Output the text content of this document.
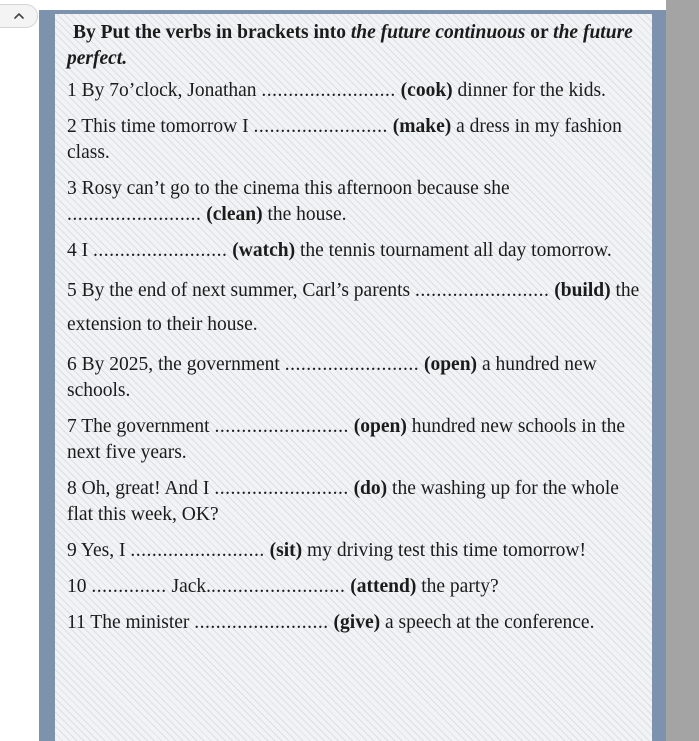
By Put the verbs in brackets into the future continuous or the future perfect.

1 By 7o’clock, Jonathan ......................... (cook) dinner for the kids.

2 This time tomorrow I ......................... (make) a dress in my fashion class.

3 Rosy can’t go to the cinema this afternoon because she ......................... (clean) the house.

4 I ......................... (watch) the tennis tournament all day tomorrow.

5 By the end of next summer, Carl’s parents ......................... (build) the extension to their house.

6 By 2025, the government ......................... (open) a hundred new schools.

7 The government ......................... (open) hundred new schools in the next five years.

8 Oh, great! And I ......................... (do) the washing up for the whole flat this week, OK?

9 Yes, I ......................... (sit) my driving test this time tomorrow!

10 .............. Jack.......................... (attend) the party?

11 The minister ......................... (give) a speech at the conference.
